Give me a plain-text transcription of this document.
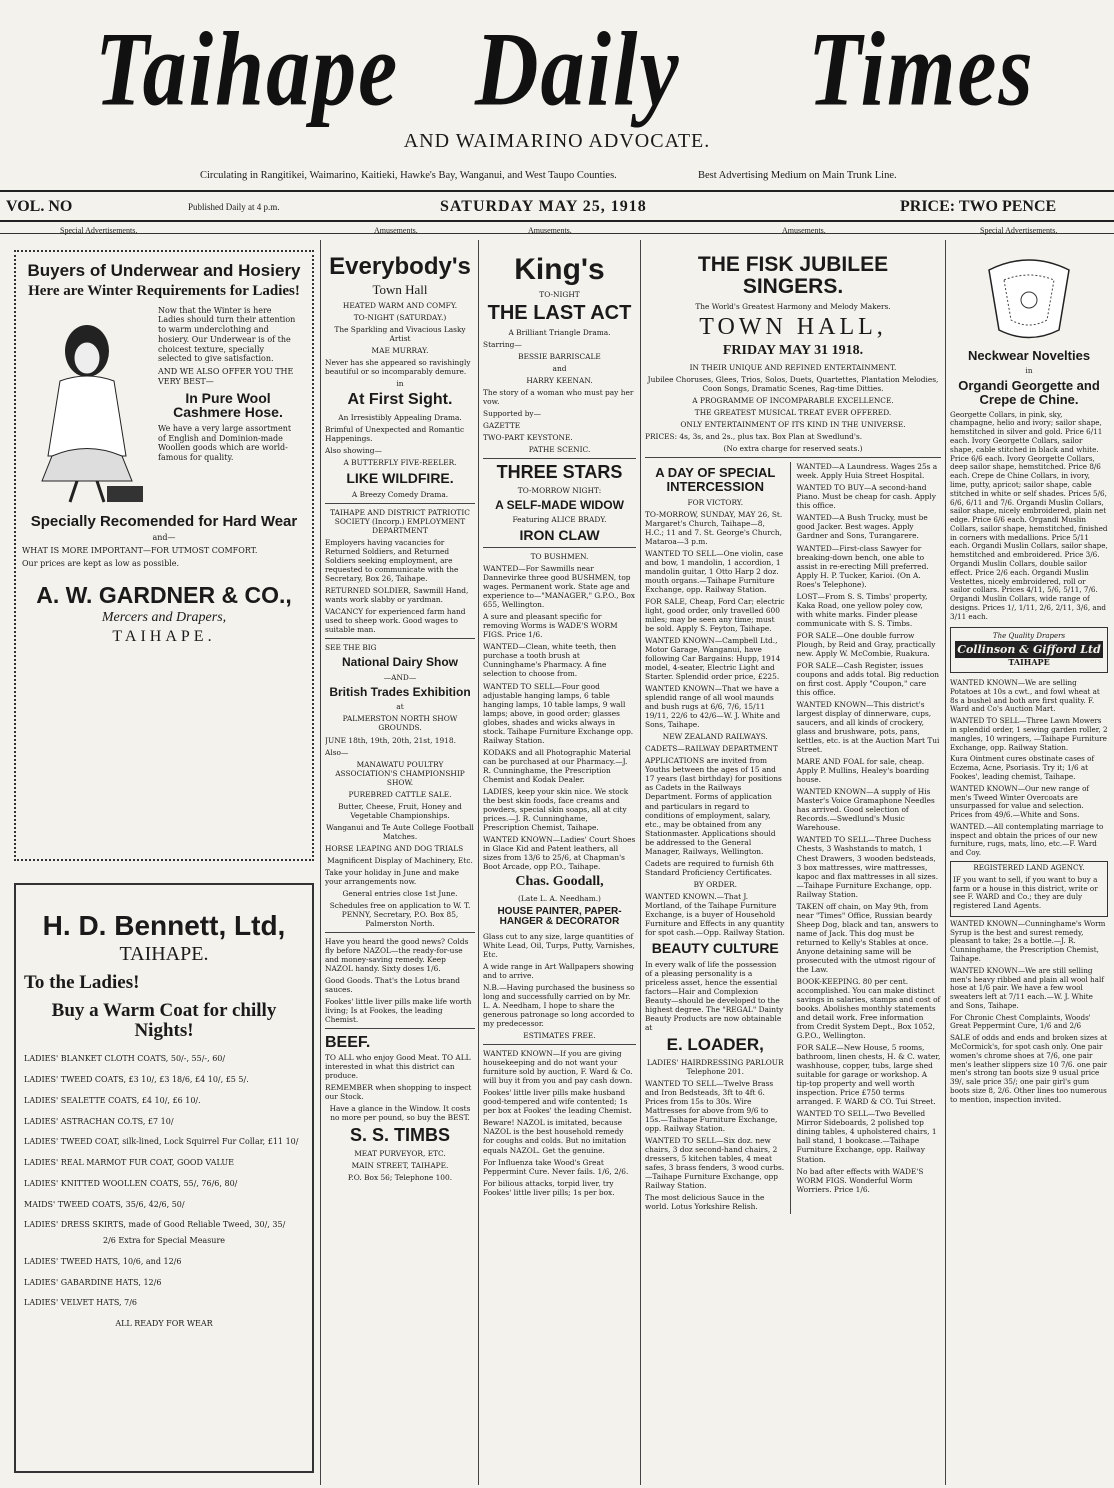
Taihape Daily Times
AND WAIMARINO ADVOCATE.
Circulating in Rangitikei, Waimarino, Kaitieki, Hawke's Bay, Wanganui, and West Taupo Counties.	Best Advertising Medium on Main Trunk Line.
VOL. NO	Published Daily at 4 p.m.	SATURDAY MAY 25, 1918	PRICE: TWO PENCE
Special Advertisements.	Amusements.	Amusements.	Amusements.	Special Advertisements.
Buyers of Underwear and Hosiery
Here are Winter Requirements for Ladies!

Now that the Winter is here Ladies should turn their attention to warm underclothing and hosiery. Our Underwear is of the choicest texture, specially selected to give satisfaction.

AND WE ALSO OFFER YOU THE VERY BEST—

In Pure Wool Cashmere Hose.

We have a very large assortment of English and Dominion-made Woollen goods which are world-famous for quality.

Specially Recomended for Hard Wear

and—

WHAT IS MORE IMPORTANT—FOR UTMOST COMFORT.

Our prices are kept as low as possible.

A. W. GARDNER & CO.,
Mercers and Drapers,
TAIHAPE.
H. D. Bennett, Ltd,
TAIHAPE.
To the Ladies!
Buy a Warm Coat for chilly Nights!

LADIES' BLANKET CLOTH COATS, 50/-, 55/-, 60/

LADIES' TWEED COATS, £3 10/, £3 18/6, £4 10/, £5 5/.

LADIES' SEALETTE COATS, £4 10/, £6 10/.

LADIES' ASTRACHAN CO.TS, £7 10/

LADIES' TWEED COAT, silk-lined, Lock Squirrel Fur Collar, £11 10/

LADIES' REAL MARMOT FUR COAT, GOOD VALUE

LADIES' KNITTED WOOLLEN COATS, 55/, 76/6, 80/

MAIDS' TWEED COATS, 35/6, 42/6, 50/

LADIES' DRESS SKIRTS, made of Good Reliable Tweed, 30/, 35/

2/6 Extra for Special Measure

LADIES' TWEED HATS, 10/6, and 12/6

LADIES' GABARDINE HATS, 12/6

LADIES' VELVET HATS, 7/6

ALL READY FOR WEAR

Everybody's
Town Hall

HEATED WARM AND COMFY.

TO-NIGHT (SATURDAY.)

The Sparkling and Vivacious Lasky Artist

MAE MURRAY.

Never has she appeared so ravishingly beautiful or so incomparably demure.

in

At First Sight.

An Irresistibly Appealing Drama.

Brimful of Unexpected and Romantic Happenings.

Also showing—

A BUTTERFLY FIVE-REELER.

LIKE WILDFIRE.

A Breezy Comedy Drama.

TAIHAPE AND DISTRICT PATRIOTIC SOCIETY (Incorp.) EMPLOYMENT DEPARTMENT

Employers having vacancies for Returned Soldiers, and Returned Soldiers seeking employment, are requested to communicate with the Secretary, Box 26, Taihape.

RETURNED SOLDIER, Sawmill Hand, wants work slabby or yardman.

VACANCY for experienced farm hand used to sheep work. Good wages to suitable man.

SEE THE BIG

National Dairy Show

—AND—

British Trades Exhibition

at

PALMERSTON NORTH SHOW GROUNDS.

JUNE 18th, 19th, 20th, 21st, 1918.

Also—

MANAWATU POULTRY ASSOCIATION'S CHAMPIONSHIP SHOW.

PUREBRED CATTLE SALE.

Butter, Cheese, Fruit, Honey and Vegetable Championships.

Wanganui and Te Aute College Football Matches.

HORSE LEAPING AND DOG TRIALS

Magnificent Display of Machinery, Etc.

Take your holiday in June and make your arrangements now.

General entries close 1st June.

Schedules free on application to W. T. PENNY, Secretary, P.O. Box 85, Palmerston North.

Have you heard the good news? Colds fly before NAZOL—the ready-for-use and money-saving remedy. Keep NAZOL handy. Sixty doses 1/6.

Good Goods. That's the Lotus brand sauces.

Fookes' little liver pills make life worth living; Is at Fookes, the leading Chemist.

BEEF.

TO ALL who enjoy Good Meat. TO ALL interested in what this district can produce.

REMEMBER when shopping to inspect our Stock.

Have a glance in the Window. It costs no more per pound, so buy the BEST.

S. S. TIMBS

MEAT PURVEYOR, ETC.

MAIN STREET, TAIHAPE.

P.O. Box 56; Telephone 100.

King's

TO-NIGHT

THE LAST ACT

A Brilliant Triangle Drama.

Starring—

BESSIE BARRISCALE

and

HARRY KEENAN.

The story of a woman who must pay her vow.

Supported by—

GAZETTE

TWO-PART KEYSTONE.

PATHE SCENIC.

THREE STARS

TO-MORROW NIGHT:

A SELF-MADE WIDOW

Featuring ALICE BRADY.

IRON CLAW

TO BUSHMEN.

WANTED—For Sawmills near Dannevirke three good BUSHMEN, top wages. Permanent work. State age and experience to—"MANAGER," G.P.O., Box 655, Wellington.

A sure and pleasant specific for removing Worms is WADE'S WORM FIGS. Price 1/6.

WANTED—Clean, white teeth, then purchase a tooth brush at Cunninghame's Pharmacy. A fine selection to choose from.

WANTED TO SELL—Four good adjustable hanging lamps, 6 table hanging lamps, 10 table lamps, 9 wall lamps; above, in good order; glasses globes, shades and wicks always in stock. Taihape Furniture Exchange opp. Railway Station.

KODAKS and all Photographic Material can be purchased at our Pharmacy.—J. R. Cunninghame, the Prescription Chemist and Kodak Dealer.

LADIES, keep your skin nice. We stock the best skin foods, face creams and powders, special skin soaps, all at city prices.—J. R. Cunninghame, Prescription Chemist, Taihape.

WANTED KNOWN—Ladies' Court Shoes in Glace Kid and Patent leathers, all sizes from 13/6 to 25/6, at Chapman's Boot Arcade, opp P.O., Taihape.

Chas. Goodall,

(Late L. A. Needham.)

HOUSE PAINTER, PAPER-HANGER & DECORATOR

Glass cut to any size, large quantities of White Lead, Oil, Turps, Putty, Varnishes, Etc.

A wide range in Art Wallpapers showing and to arrive.

N.B.—Having purchased the business so long and successfully carried on by Mr. L. A. Needham, I hope to share the generous patronage so long accorded to my predecessor.

ESTIMATES FREE.

WANTED KNOWN—If you are giving housekeeping and do not want your furniture sold by auction, F. Ward & Co. will buy it from you and pay cash down.

Fookes' little liver pills make husband good-tempered and wife contented; 1s per box at Fookes' the leading Chemist.

Beware! NAZOL is imitated, because NAZOL is the best household remedy for coughs and colds. But no imitation equals NAZOL. Get the genuine.

For Influenza take Wood's Great Peppermint Cure. Never fails. 1/6, 2/6.

For bilious attacks, torpid liver, try Fookes' little liver pills; 1s per box.

THE FISK JUBILEE SINGERS.

The World's Greatest Harmony and Melody Makers.

TOWN HALL,
FRIDAY MAY 31 1918.

IN THEIR UNIQUE AND REFINED ENTERTAINMENT.

Jubilee Choruses, Glees, Trios, Solos, Duets, Quartettes, Plantation Melodies, Coon Songs, Dramatic Scenes, Rag-time Ditties.

A PROGRAMME OF INCOMPARABLE EXCELLENCE.

THE GREATEST MUSICAL TREAT EVER OFFERED.

ONLY ENTERTAINMENT OF ITS KIND IN THE UNIVERSE.

PRICES: 4s, 3s, and 2s., plus tax. Box Plan at Swedlund's.

(No extra charge for reserved seats.)

A DAY OF SPECIAL INTERCESSION

FOR VICTORY.

TO-MORROW, SUNDAY, MAY 26, St. Margaret's Church, Taihape—8, H.C.; 11 and 7. St. George's Church, Mataroa—3 p.m.

WANTED TO SELL—One violin, case and bow, 1 mandolin, 1 accordion, 1 mandolin guitar, 1 Otto Harp 2 doz. mouth organs.—Taihape Furniture Exchange, opp. Railway Station.

FOR SALE, Cheap, Ford Car; electric light, good order, only travelled 600 miles; may be seen any time; must be sold. Apply S. Feyton, Taihape.

WANTED KNOWN—Campbell Ltd., Motor Garage, Wanganui, have following Car Bargains: Hupp, 1914 model, 4-seater, Electric Light and Starter. Splendid order price, £225.

WANTED KNOWN—That we have a splendid range of all wool maunds and bush rugs at 6/6, 7/6, 15/11 19/11, 22/6 to 42/6—W. J. White and Sons, Taihape.

NEW ZEALAND RAILWAYS.

CADETS—RAILWAY DEPARTMENT

APPLICATIONS are invited from Youths between the ages of 15 and 17 years (last birthday) for positions as Cadets in the Railways Department. Forms of application and particulars in regard to conditions of employment, salary, etc., may be obtained from any Stationmaster. Applications should be addressed to the General Manager, Railways, Wellington.

Cadets are required to furnish 6th Standard Proficiency Certificates.

BY ORDER.

WANTED KNOWN.—That J. Mortland, of the Taihape Furniture Exchange, is a buyer of Household Furniture and Effects in any quantity for spot cash.—Opp. Railway Station.

BEAUTY CULTURE

In every walk of life the possession of a pleasing personality is a priceless asset, hence the essential factors—Hair and Complexion Beauty—should be developed to the highest degree. The "REGAL" Dainty Beauty Products are now obtainable at

E. LOADER,

LADIES' HAIRDRESSING PARLOUR Telephone 201.

WANTED TO SELL—Twelve Brass and Iron Bedsteads, 3ft to 4ft 6. Prices from 15s to 30s. Wire Mattresses for above from 9/6 to 15s.—Taihape Furniture Exchange, opp. Railway Station.

WANTED TO SELL—Six doz. new chairs, 3 doz second-hand chairs, 2 dressers, 5 kitchen tables, 4 meat safes, 3 brass fenders, 3 wood curbs.—Taihape Furniture Exchange, opp Railway Station.

The most delicious Sauce in the world. Lotus Yorkshire Relish.

WANTED—A Laundress. Wages 25s a week. Apply Huia Street Hospital.

WANTED TO BUY—A second-hand Piano. Must be cheap for cash. Apply this office.

WANTED—A Bush Trucky, must be good Jacker. Best wages. Apply Gardner and Sons, Turangarere.

WANTED—First-class Sawyer for breaking-down bench, one able to assist in re-erecting Mill preferred. Apply H. P. Tucker, Karioi. (On A. Roes's Telephone).

LOST—From S. S. Timbs' property, Kaka Road, one yellow poley cow, with white marks. Finder please communicate with S. S. Timbs.

FOR SALE—One double furrow Plough, by Reid and Gray, practically new. Apply W. McCombie, Ruakura.

FOR SALE—Cash Register, issues coupons and adds total. Big reduction on first cost. Apply "Coupon," care this office.

WANTED KNOWN—This district's largest display of dinnerware, cups, saucers, and all kinds of crockery, glass and brushware, pots, pans, kettles, etc. is at the Auction Mart Tui Street.

MARE AND FOAL for sale, cheap. Apply P. Mullins, Healey's boarding house.

WANTED KNOWN—A supply of His Master's Voice Gramaphone Needles has arrived. Good selection of Records.—Swedlund's Music Warehouse.

WANTED TO SELL—Three Duchess Chests, 3 Washstands to match, 1 Chest Drawers, 3 wooden bedsteads, 3 box mattresses, wire mattresses, kapoc and flax mattresses in all sizes.—Taihape Furniture Exchange, opp. Railway Station.

TAKEN off chain, on May 9th, from near "Times" Office, Russian beardy Sheep Dog, black and tan, answers to name of Jack. This dog must be returned to Kelly's Stables at once. Anyone detaining same will be prosecuted with the utmost rigour of the Law.

BOOK-KEEPING. 80 per cent. accomplished. You can make distinct savings in salaries, stamps and cost of books. Abolishes monthly statements and detail work. Free information from Credit System Dept., Box 1052, G.P.O., Wellington.

FOR SALE—New House, 5 rooms, bathroom, linen chests, H. & C. water, washhouse, copper, tubs, large shed suitable for garage or workshop. A tip-top property and well worth inspection. Price £750 terms arranged. F. WARD & CO. Tui Street.

WANTED TO SELL—Two Bevelled Mirror Sideboards, 2 polished top dining tables, 4 upholstered chairs, 1 hall stand, 1 bookcase.—Taihape Furniture Exchange, opp. Railway Station.

No bad after effects with WADE'S WORM FIGS. Wonderful Worm Worriers. Price 1/6.

Neckwear Novelties

in

Organdi Georgette and Crepe de Chine.

Georgette Collars, in pink, sky, champagne, helio and ivory; sailor shape, hemstitched in silver and gold. Price 6/11 each. Ivory Georgette Collars, sailor shape, cable stitched in black and white. Price 6/6 each. Ivory Georgette Collars, deep sailor shape, hemstitched. Price 8/6 each. Crepe de Chine Collars, in ivory, lime, putty, apricot; sailor shape, cable stitched in white or self shades. Prices 5/6, 6/6, 6/11 and 7/6. Organdi Muslin Collars, sailor shape, nicely embroidered, plain net edge. Price 6/6 each. Organdi Muslin Collars, sailor shape, hemstitched, finished in corners with medallions. Price 5/11 each. Organdi Muslin Collars, sailor shape, hemstitched and embroidered. Price 3/6. Organdi Muslin Collars, double sailor effect. Price 2/6 each. Organdi Muslin Vestettes, nicely embroidered, roll or sailor collars. Prices 4/11, 5/6, 5/11, 7/6. Organdi Muslin Collars, wide range of designs. Prices 1/, 1/11, 2/6, 2/11, 3/6, and 3/11 each.

The Quality Drapers
Collinson & Gifford Ltd
TAIHAPE

WANTED KNOWN—We are selling Potatoes at 10s a cwt., and fowl wheat at 8s a bushel and both are first quality. F. Ward and Co's Auction Mart.

WANTED TO SELL—Three Lawn Mowers in splendid order, 1 sewing garden roller, 2 mangles, 10 wringers, —Taihape Furniture Exchange, opp. Railway Station.

Kura Ointment cures obstinate cases of Eczema, Acne, Psoriasis. Try it; 1/6 at Fookes', leading chemist, Taihape.

WANTED KNOWN—Our new range of men's Tweed Winter Overcoats are unsurpassed for value and selection. Prices from 49/6.—White and Sons.

WANTED.—All contemplating marriage to inspect and obtain the prices of our new furniture, rugs, mats, lino, etc.—F. Ward and Coy.

REGISTERED LAND AGENCY.

IF you want to sell, if you want to buy a farm or a house in this district, write or see F. WARD and Co.; they are duly registered Land Agents.

WANTED KNOWN—Cunninghame's Worm Syrup is the best and surest remedy, pleasant to take; 2s a bottle.—J. R. Cunninghame, the Prescription Chemist, Taihape.

WANTED KNOWN—We are still selling men's heavy ribbed and plain all wool half hose at 1/6 pair. We have a few wool sweaters left at 7/11 each.—W. J. White and Sons, Taihape.

For Chronic Chest Complaints, Woods' Great Peppermint Cure, 1/6 and 2/6

SALE of odds and ends and broken sizes at McCormick's, for spot cash only. One pair women's chrome shoes at 7/6, one pair men's leather slippers size 10 7/6. one pair men's strong tan boots size 9 usual price 39/, sale price 35/; one pair girl's gum boots size 8, 2/6. Other lines too numerous to mention, inspection invited.
